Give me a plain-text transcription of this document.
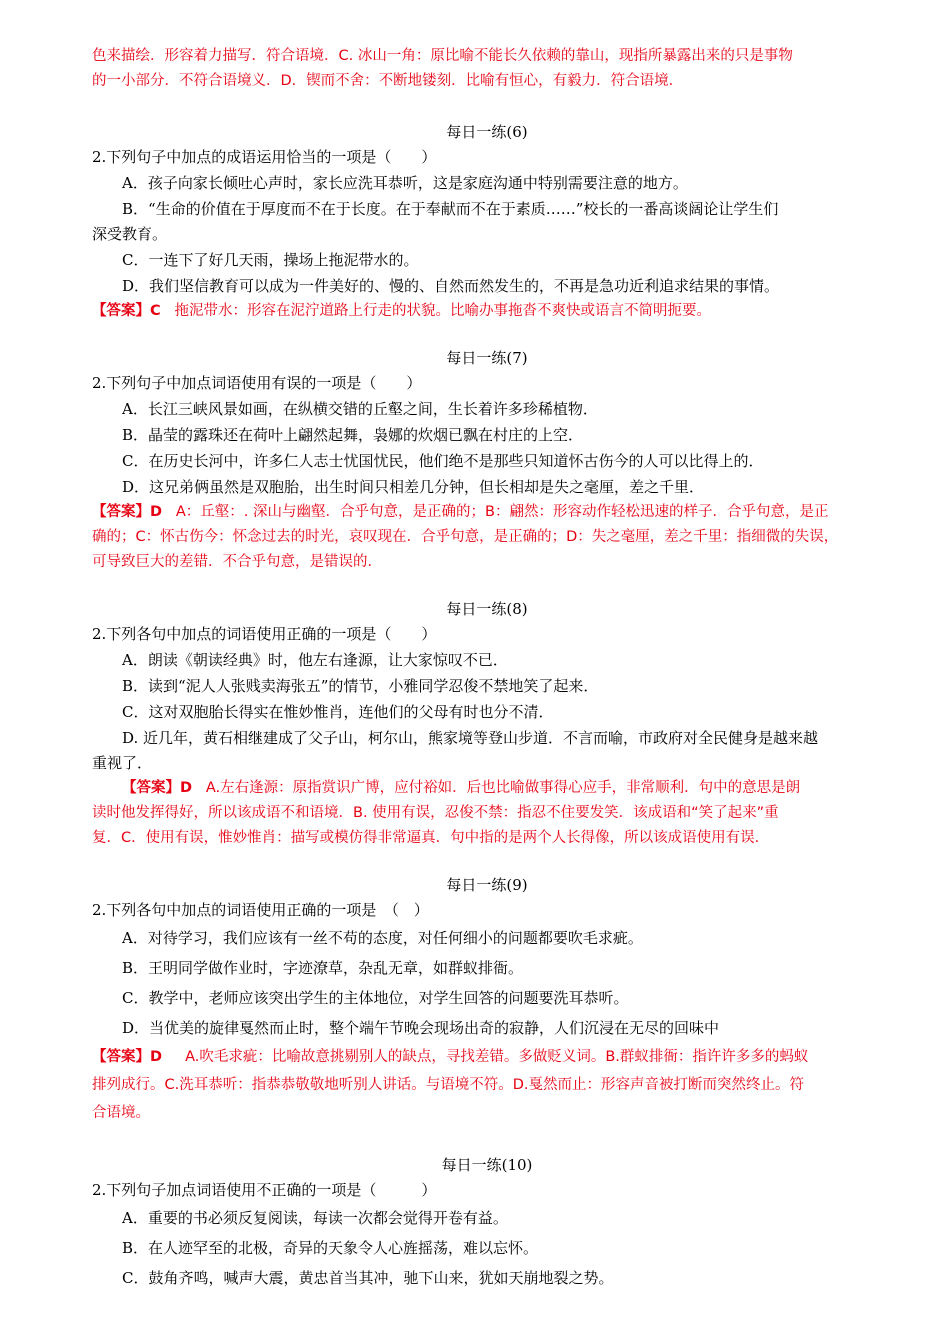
色来描绘．形容着力描写．符合语境．C. 冰山一角：原比喻不能长久依赖的靠山，现指所暴露出来的只是事物

的一小部分．不符合语境义．D．锲而不舍：不断地镂刻．比喻有恒心，有毅力．符合语境．

每日一练(6)

2.下列句子中加点的成语运用恰当的一项是（　　）

A．孩子向家长倾吐心声时，家长应洗耳恭听，这是家庭沟通中特别需要注意的地方。

B．“生命的价值在于厚度而不在于长度。在于奉献而不在于素质……”校长的一番高谈阔论让学生们

深受教育。

C．一连下了好几天雨，操场上拖泥带水的。

D．我们坚信教育可以成为一件美好的、慢的、自然而然发生的，不再是急功近利追求结果的事情。

【答案】C 拖泥带水：形容在泥泞道路上行走的状貌。比喻办事拖沓不爽快或语言不简明扼要。

每日一练(7)

2.下列句子中加点词语使用有误的一项是（　　）

A．长江三峡风景如画，在纵横交错的丘壑之间，生长着许多珍稀植物．

B．晶莹的露珠还在荷叶上翩然起舞，袅娜的炊烟已飘在村庄的上空．

C．在历史长河中，许多仁人志士忧国忧民，他们绝不是那些只知道怀古伤今的人可以比得上的．

D．这兄弟俩虽然是双胞胎，出生时间只相差几分钟，但长相却是失之毫厘，差之千里．

【答案】D A：丘壑：. 深山与幽壑．合乎句意，是正确的；B：翩然：形容动作轻松迅速的样子．合乎句意，是正

确的；C：怀古伤今：怀念过去的时光，哀叹现在．合乎句意，是正确的；D：失之毫厘，差之千里：指细微的失误，

可导致巨大的差错．不合乎句意，是错误的．

每日一练(8)

2.下列各句中加点的词语使用正确的一项是（　　）

A．朗读《朝读经典》时，他左右逢源，让大家惊叹不已．

B．读到“泥人人张贱卖海张五”的情节，小雅同学忍俊不禁地笑了起来．

C．这对双胞胎长得实在惟妙惟肖，连他们的父母有时也分不清．

D. 近几年，黄石相继建成了父子山，柯尔山，熊家境等登山步道．不言而喻，市政府对全民健身是越来越

重视了．

【答案】D A.左右逢源：原指赏识广博，应付裕如．后也比喻做事得心应手，非常顺利．句中的意思是朗

读时他发挥得好，所以该成语不和语境．B. 使用有误，忍俊不禁：指忍不住要发笑．该成语和“笑了起来”重

复．C．使用有误，惟妙惟肖：描写或模仿得非常逼真．句中指的是两个人长得像，所以该成语使用有误．

每日一练(9)

2.下列各句中加点的词语使用正确的一项是　（　）

A．对待学习，我们应该有一丝不苟的态度，对任何细小的问题都要吹毛求疵。

B．王明同学做作业时，字迹潦草，杂乱无章，如群蚁排衙。

C．教学中，老师应该突出学生的主体地位，对学生回答的问题要洗耳恭听。

D．当优美的旋律戛然而止时，整个端午节晚会现场出奇的寂静，人们沉浸在无尽的回味中

【答案】D A.吹毛求疵：比喻故意挑剔别人的缺点，寻找差错。多做贬义词。B.群蚁排衙：指许许多多的蚂蚁

排列成行。C.洗耳恭听：指恭恭敬敬地听别人讲话。与语境不符。D.戛然而止：形容声音被打断而突然终止。符

合语境。

每日一练(10)

2.下列句子加点词语使用不正确的一项是（　　　）

A．重要的书必须反复阅读，每读一次都会觉得开卷有益。

B．在人迹罕至的北极，奇异的天象令人心旌摇荡，难以忘怀。

C．鼓角齐鸣，喊声大震，黄忠首当其冲，驰下山来，犹如天崩地裂之势。
